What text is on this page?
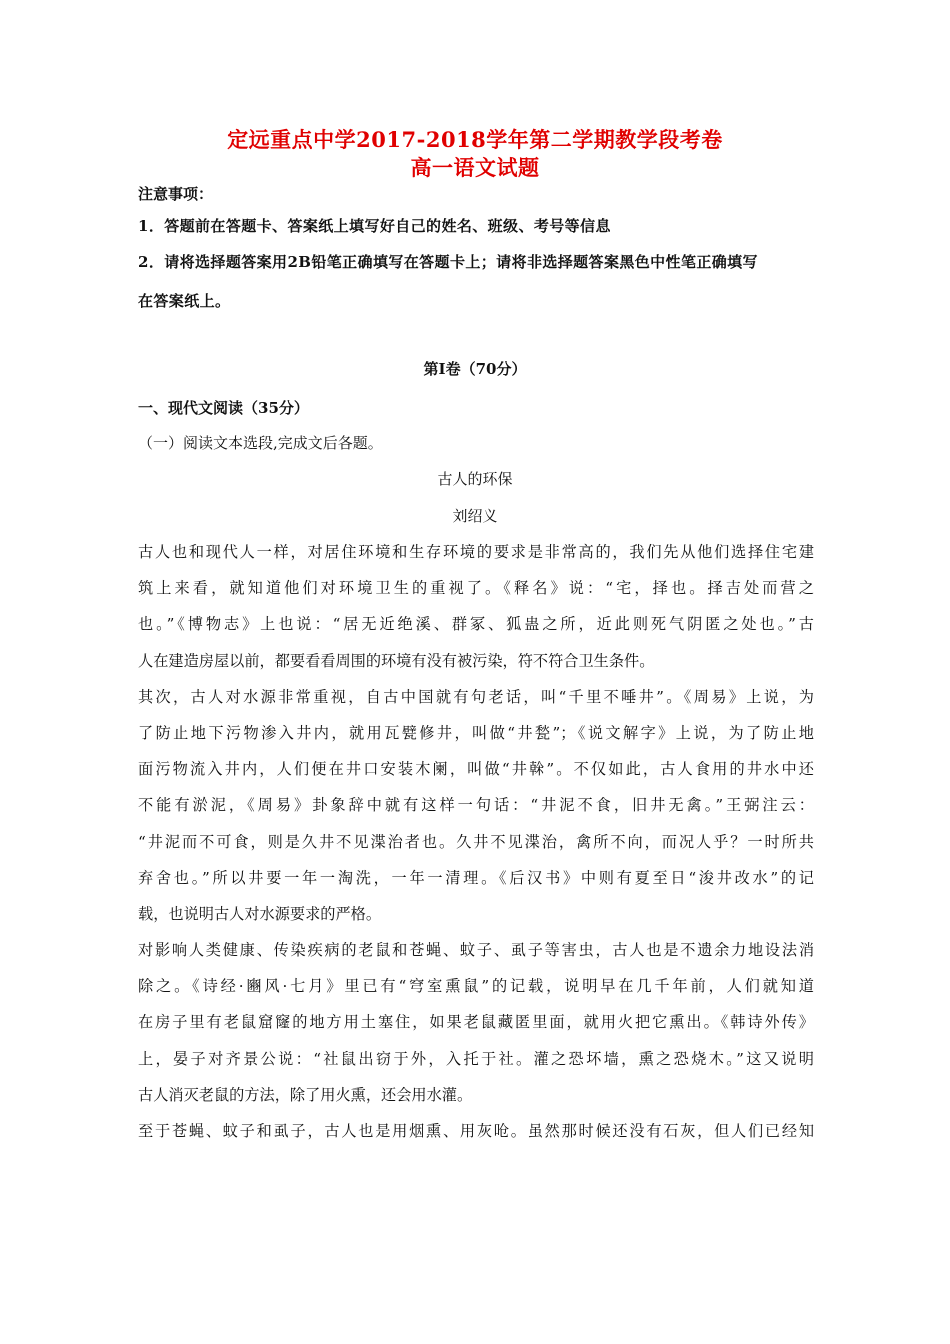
定远重点中学2017-2018学年第二学期教学段考卷
高一语文试题
注意事项：
1．答题前在答题卡、答案纸上填写好自己的姓名、班级、考号等信息
2．请将选择题答案用2B铅笔正确填写在答题卡上；请将非选择题答案黑色中性笔正确填写
在答案纸上。
第I卷（70分）
一、现代文阅读（35分）
（一）阅读文本选段,完成文后各题。
古人的环保
刘绍义
古人也和现代人一样，对居住环境和生存环境的要求是非常高的，我们先从他们选择住宅建
筑上来看，就知道他们对环境卫生的重视了。《释名》说：“宅，择也。择吉处而营之
也。”《博物志》上也说：“居无近绝溪、群冢、狐蛊之所，近此则死气阴匿之处也。”古
人在建造房屋以前，都要看看周围的环境有没有被污染，符不符合卫生条件。
其次，古人对水源非常重视，自古中国就有句老话，叫“千里不唾井”。《周易》上说，为
了防止地下污物渗入井内，就用瓦甓修井，叫做“井甃”；《说文解字》上说，为了防止地
面污物流入井内，人们便在井口安装木阑，叫做“井榦”。不仅如此，古人食用的井水中还
不能有淤泥，《周易》卦象辞中就有这样一句话：“井泥不食，旧井无禽。”王弼注云：
“井泥而不可食，则是久井不见渫治者也。久井不见渫治，禽所不向，而况人乎？一时所共
弃舍也。”所以井要一年一淘洗，一年一清理。《后汉书》中则有夏至日“浚井改水”的记
载，也说明古人对水源要求的严格。
对影响人类健康、传染疾病的老鼠和苍蝇、蚊子、虱子等害虫，古人也是不遗余力地设法消
除之。《诗经·豳风·七月》里已有“穹室熏鼠”的记载，说明早在几千年前，人们就知道
在房子里有老鼠窟窿的地方用土塞住，如果老鼠藏匿里面，就用火把它熏出。《韩诗外传》
上，晏子对齐景公说：“社鼠出窃于外，入托于社。灌之恐坏墙，熏之恐烧木。”这又说明
古人消灭老鼠的方法，除了用火熏，还会用水灌。
至于苍蝇、蚊子和虱子，古人也是用烟熏、用灰呛。虽然那时候还没有石灰，但人们已经知
